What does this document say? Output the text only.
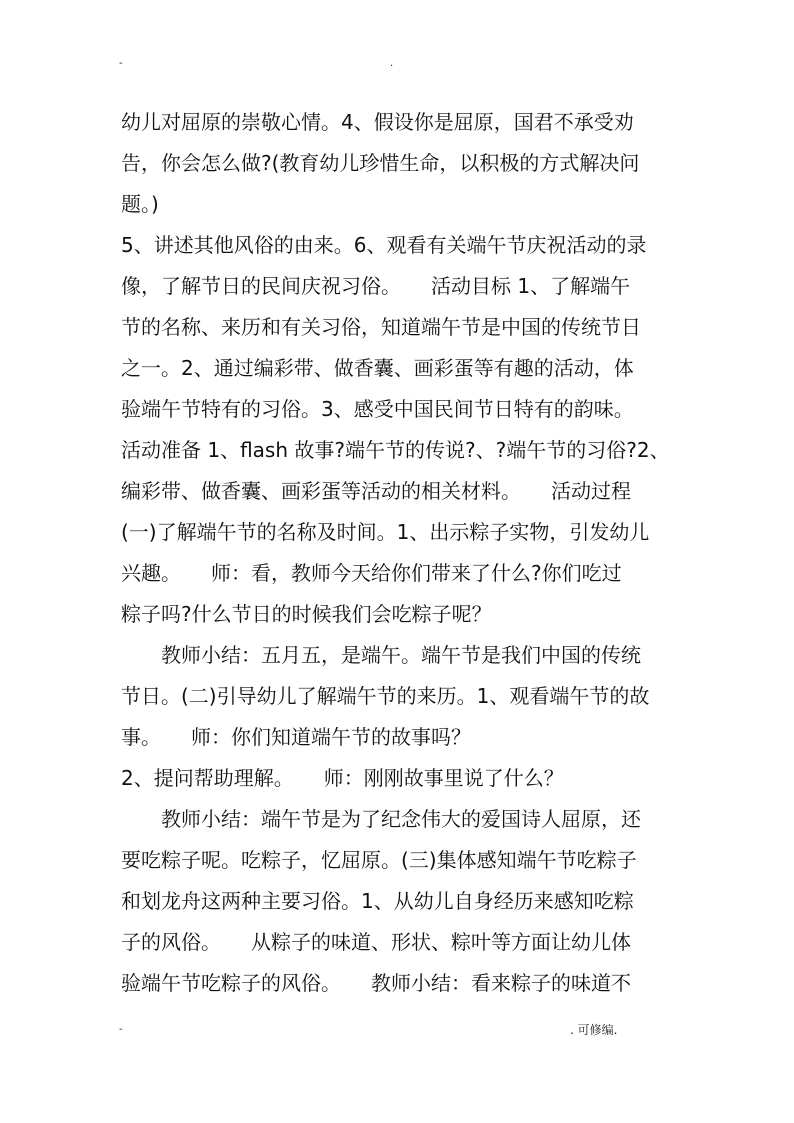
-	.
幼儿对屈原的崇敬心情。4、假设你是屈原，国君不承受劝
告，你会怎么做?(教育幼儿珍惜生命，以积极的方式解决问
题。)
5、讲述其他风俗的由来。6、观看有关端午节庆祝活动的录
像，了解节日的民间庆祝习俗。　　活动目标 1、了解端午
节的名称、来历和有关习俗，知道端午节是中国的传统节日
之一。2、通过编彩带、做香囊、画彩蛋等有趣的活动，体
验端午节特有的习俗。3、感受中国民间节日特有的韵味。
活动准备 1、flash 故事?端午节的传说?、?端午节的习俗?2、
编彩带、做香囊、画彩蛋等活动的相关材料。　　活动过程
(一)了解端午节的名称及时间。1、出示粽子实物，引发幼儿
兴趣。　　师：看，教师今天给你们带来了什么?你们吃过
粽子吗?什么节日的时候我们会吃粽子呢？
　　教师小结：五月五，是端午。端午节是我们中国的传统
节日。(二)引导幼儿了解端午节的来历。1、观看端午节的故
事。　　师：你们知道端午节的故事吗？
2、提问帮助理解。　　师：刚刚故事里说了什么？
　　教师小结：端午节是为了纪念伟大的爱国诗人屈原，还
要吃粽子呢。吃粽子，忆屈原。(三)集体感知端午节吃粽子
和划龙舟这两种主要习俗。1、从幼儿自身经历来感知吃粽
子的风俗。　　从粽子的味道、形状、粽叶等方面让幼儿体
验端午节吃粽子的风俗。　　教师小结：看来粽子的味道不
-	. 可修编.
